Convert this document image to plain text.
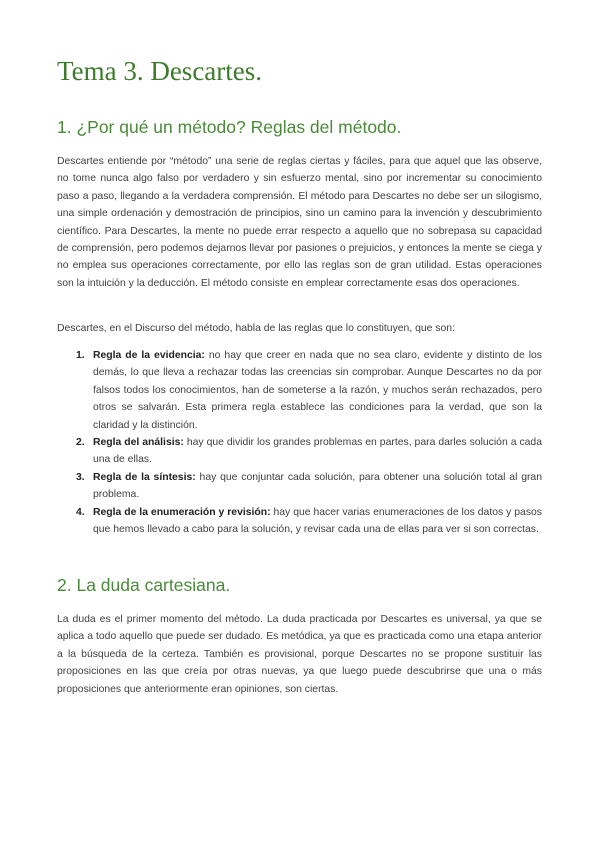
Tema 3. Descartes.
1. ¿Por qué un método? Reglas del método.

Descartes entiende por “método” una serie de reglas ciertas y fáciles, para que aquel que las observe, no tome nunca algo falso por verdadero y sin esfuerzo mental, sino por incrementar su conocimiento paso a paso, llegando a la verdadera comprensión. El método para Descartes no debe ser un silogismo, una simple ordenación y demostración de principios, sino un camino para la invención y descubrimiento científico. Para Descartes, la mente no puede errar respecto a aquello que no sobrepasa su capacidad de comprensión, pero podemos dejarnos llevar por pasiones o prejuicios, y entonces la mente se ciega y no emplea sus operaciones correctamente, por ello las reglas son de gran utilidad. Estas operaciones son la intuición y la deducción. El método consiste en emplear correctamente esas dos operaciones.

Descartes, en el Discurso del método, habla de las reglas que lo constituyen, que son:

1. Regla de la evidencia: no hay que creer en nada que no sea claro, evidente y distinto de los demás, lo que lleva a rechazar todas las creencias sin comprobar. Aunque Descartes no da por falsos todos los conocimientos, han de someterse a la razón, y muchos serán rechazados, pero otros se salvarán. Esta primera regla establece las condiciones para la verdad, que son la claridad y la distinción.
2. Regla del análisis: hay que dividir los grandes problemas en partes, para darles solución a cada una de ellas.
3. Regla de la síntesis: hay que conjuntar cada solución, para obtener una solución total al gran problema.
4. Regla de la enumeración y revisión: hay que hacer varias enumeraciones de los datos y pasos que hemos llevado a cabo para la solución, y revisar cada una de ellas para ver si son correctas.
2. La duda cartesiana.

La duda es el primer momento del método. La duda practicada por Descartes es universal, ya que se aplica a todo aquello que puede ser dudado. Es metódica, ya que es practicada como una etapa anterior a la búsqueda de la certeza. También es provisional, porque Descartes no se propone sustituir las proposiciones en las que creía por otras nuevas, ya que luego puede descubrirse que una o más proposiciones que anteriormente eran opiniones, son ciertas.
